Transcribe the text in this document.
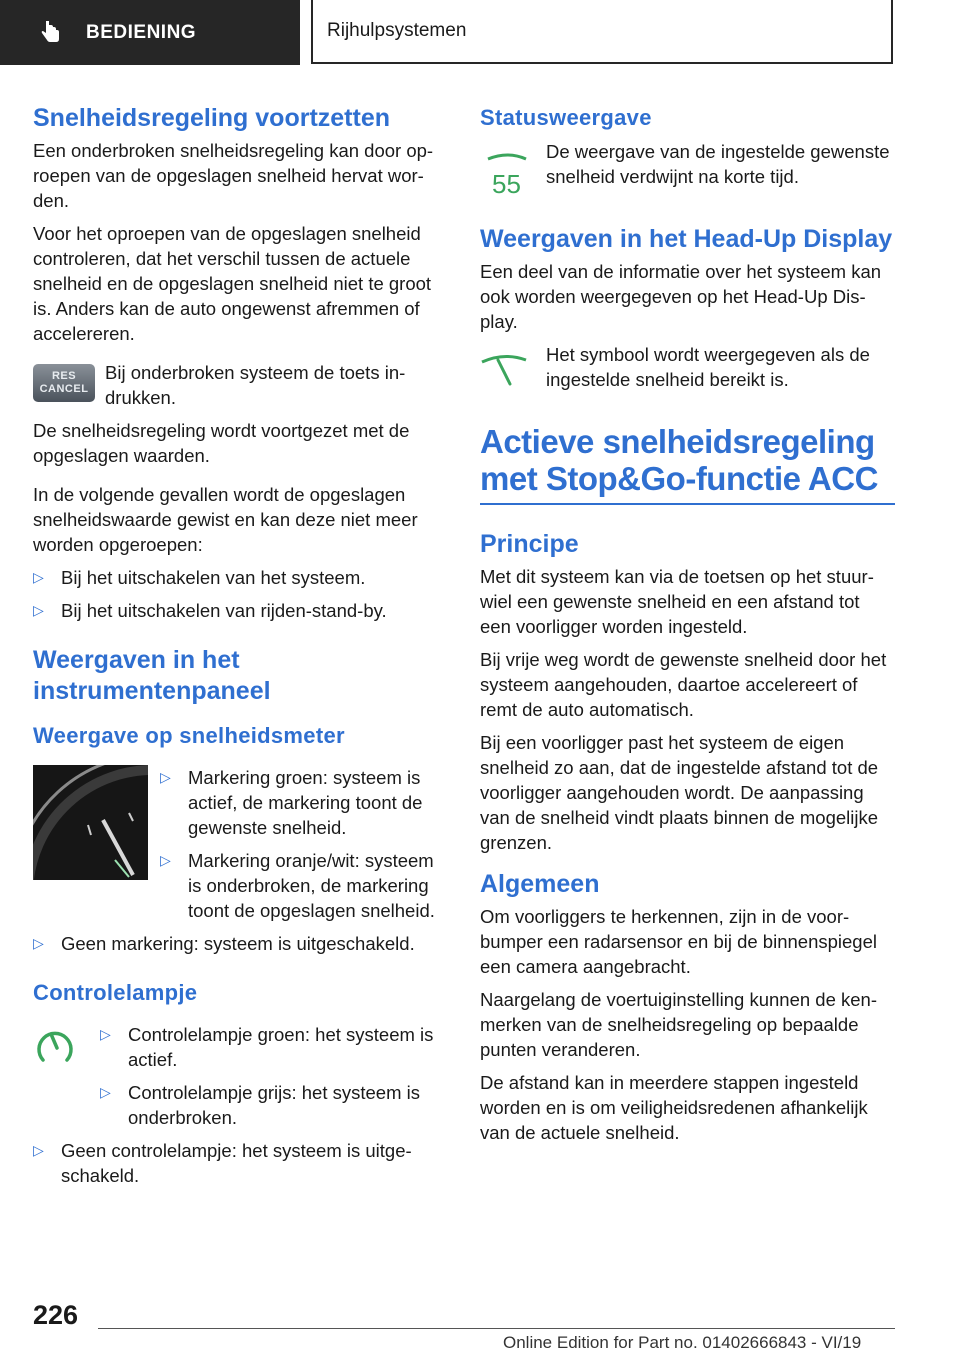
BEDIENING	Rijhulpsystemen
Snelheidsregeling voortzetten

Een onderbroken snelheidsregeling kan door oproepen van de opgeslagen snelheid hervat worden.

Voor het oproepen van de opgeslagen snelheid controleren, dat het verschil tussen de actuele snelheid en de opgeslagen snelheid niet te groot is. Anders kan de auto ongewenst afremmen of accelereren.

RES
CANCEL

Bij onderbroken systeem de toets indrukken.

De snelheidsregeling wordt voortgezet met de opgeslagen waarden.

In de volgende gevallen wordt de opgeslagen snelheidswaarde gewist en kan deze niet meer worden opgeroepen:

▷ Bij het uitschakelen van het systeem.
▷ Bij het uitschakelen van rijden-stand-by.
Weergaven in het instrumentenpaneel
Weergave op snelheidsmeter
▷ Markering groen: systeem is actief, de markering toont de gewenste snelheid.
▷ Markering oranje/wit: systeem is onderbroken, de markering toont de opgeslagen snelheid.
▷ Geen markering: systeem is uitgeschakeld.
Controlelampje
▷ Controlelampje groen: het systeem is actief.
▷ Controlelampje grijs: het systeem is onderbroken.
▷ Geen controlelampje: het systeem is uitgeschakeld.
Statusweergave
55

De weergave van de ingestelde gewenste snelheid verdwijnt na korte tijd.

Weergaven in het Head-Up Display

Een deel van de informatie over het systeem kan ook worden weergegeven op het Head-Up Display.

Het symbool wordt weergegeven als de ingestelde snelheid bereikt is.

Actieve snelheidsregeling met Stop&Go-functie ACC
Principe

Met dit systeem kan via de toetsen op het stuurwiel een gewenste snelheid en een afstand tot een voorligger worden ingesteld.

Bij vrije weg wordt de gewenste snelheid door het systeem aangehouden, daartoe accelereert of remt de auto automatisch.

Bij een voorligger past het systeem de eigen snelheid zo aan, dat de ingestelde afstand tot de voorligger aangehouden wordt. De aanpassing van de snelheid vindt plaats binnen de mogelijke grenzen.

Algemeen

Om voorliggers te herkennen, zijn in de voorbumper een radarsensor en bij de binnenspiegel een camera aangebracht.

Naargelang de voertuiginstelling kunnen de kenmerken van de snelheidsregeling op bepaalde punten veranderen.

De afstand kan in meerdere stappen ingesteld worden en is om veiligheidsredenen afhankelijk van de actuele snelheid.

226
Online Edition for Part no. 01402666843 - VI/19
